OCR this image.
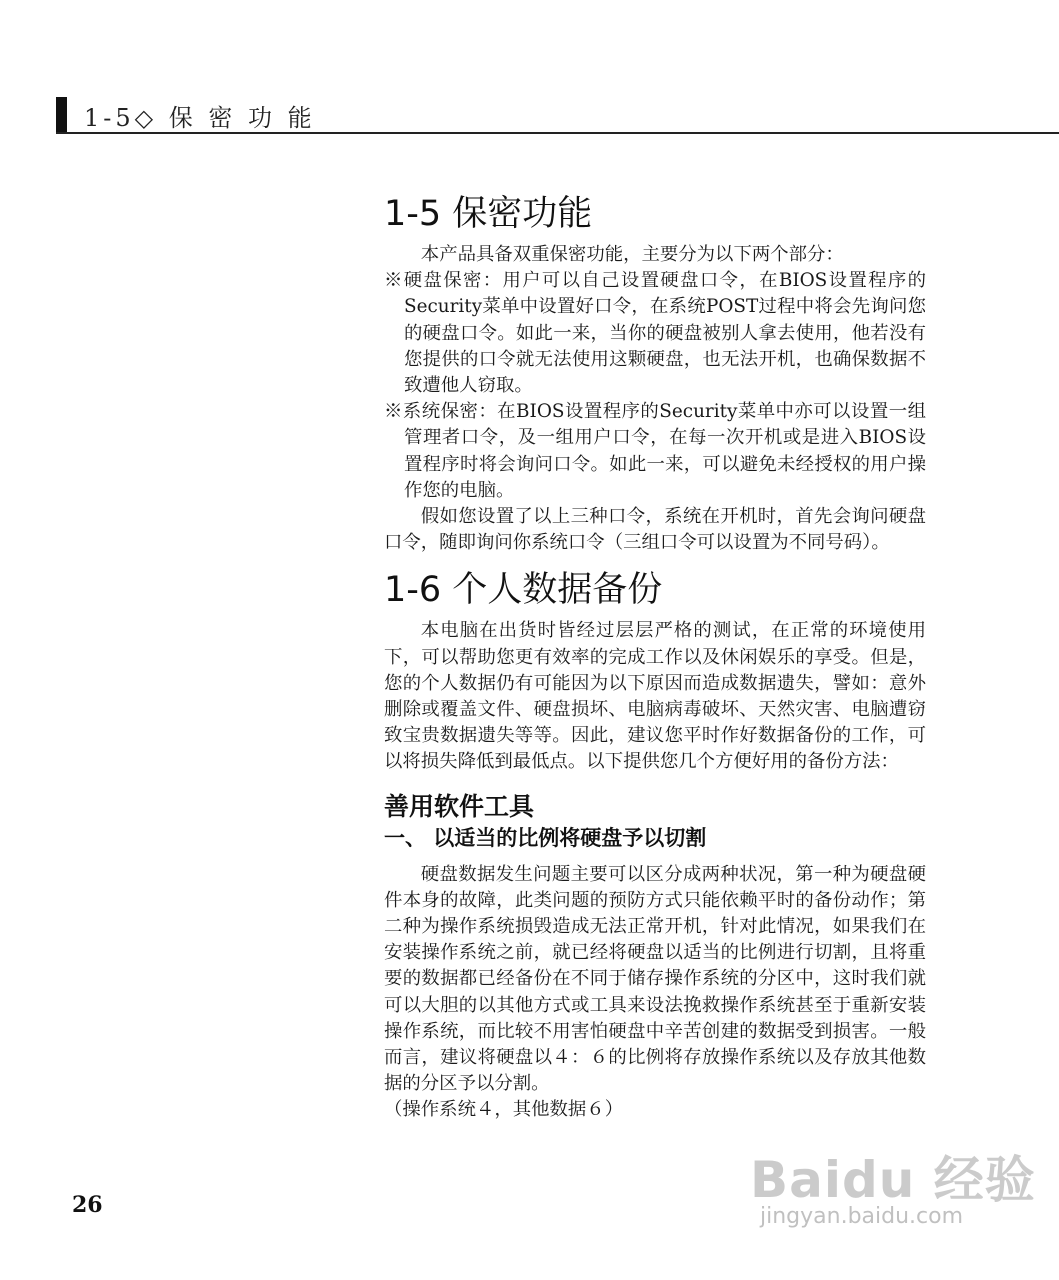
1-5◇ 保 密 功 能
1-5 保密功能

本产品具备双重保密功能，主要分为以下两个部分：

※硬盘保密：用户可以自己设置硬盘口令，在BIOS设置程序的Security菜单中设置好口令，在系统POST过程中将会先询问您的硬盘口令。如此一来，当你的硬盘被别人拿去使用，他若没有您提供的口令就无法使用这颗硬盘，也无法开机，也确保数据不致遭他人窃取。

※系统保密：在BIOS设置程序的Security菜单中亦可以设置一组管理者口令，及一组用户口令，在每一次开机或是进入BIOS设置程序时将会询问口令。如此一来，可以避免未经授权的用户操作您的电脑。

假如您设置了以上三种口令，系统在开机时，首先会询问硬盘口令，随即询问你系统口令（三组口令可以设置为不同号码）。

1-6 个人数据备份

本电脑在出货时皆经过层层严格的测试，在正常的环境使用下，可以帮助您更有效率的完成工作以及休闲娱乐的享受。但是，您的个人数据仍有可能因为以下原因而造成数据遗失，譬如：意外删除或覆盖文件、硬盘损坏、电脑病毒破坏、天然灾害、电脑遭窃致宝贵数据遗失等等。因此，建议您平时作好数据备份的工作，可以将损失降低到最低点。以下提供您几个方便好用的备份方法：

善用软件工具
一、 以适当的比例将硬盘予以切割

硬盘数据发生问题主要可以区分成两种状况，第一种为硬盘硬件本身的故障，此类问题的预防方式只能依赖平时的备份动作；第二种为操作系统损毁造成无法正常开机，针对此情况，如果我们在安装操作系统之前，就已经将硬盘以适当的比例进行切割，且将重要的数据都已经备份在不同于储存操作系统的分区中，这时我们就可以大胆的以其他方式或工具来设法挽救操作系统甚至于重新安装操作系统，而比较不用害怕硬盘中辛苦创建的数据受到损害。一般而言，建议将硬盘以４：６的比例将存放操作系统以及存放其他数据的分区予以分割。

（操作系统４，其他数据６）

26	Baidu 经验
jingyan.baidu.com
